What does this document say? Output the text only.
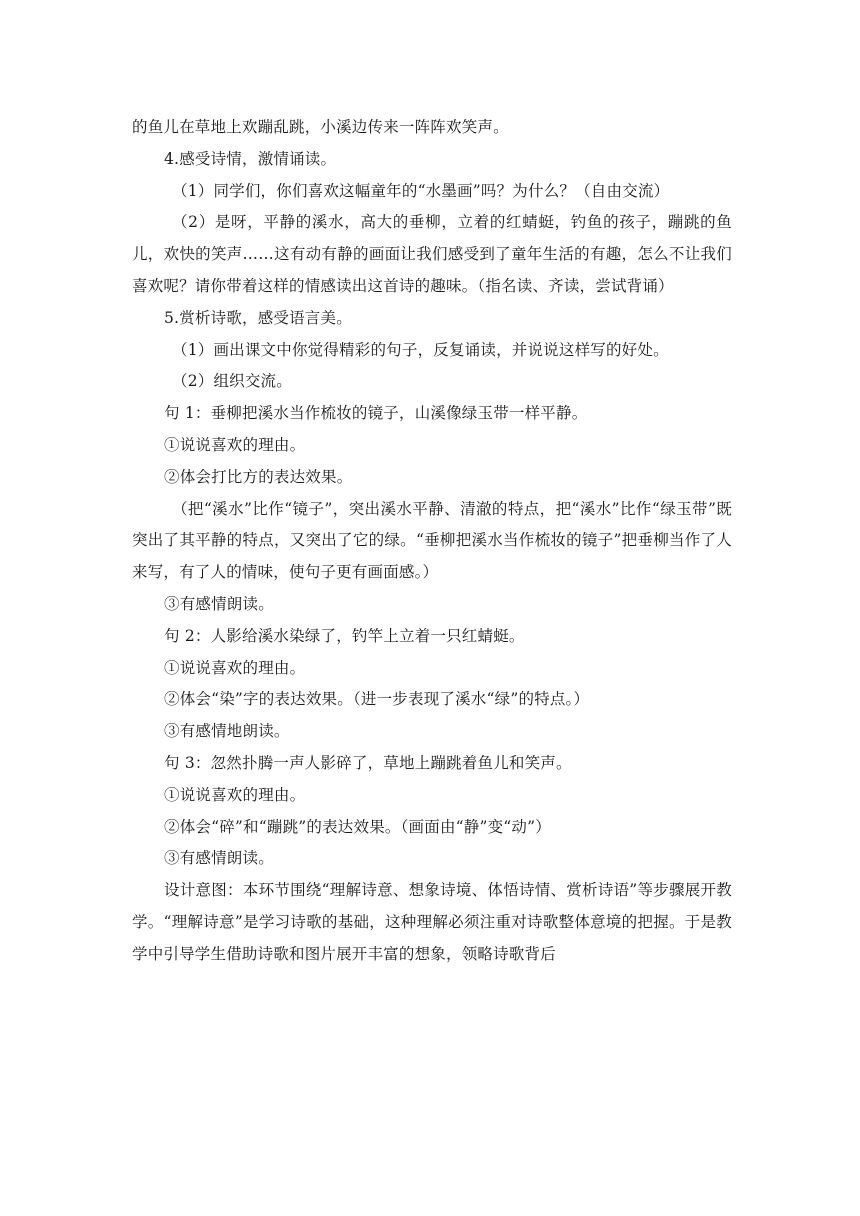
的鱼儿在草地上欢蹦乱跳，小溪边传来一阵阵欢笑声。

4.感受诗情，激情诵读。

（1）同学们，你们喜欢这幅童年的“水墨画”吗？为什么？（自由交流）

（2）是呀，平静的溪水，高大的垂柳，立着的红蜻蜓，钓鱼的孩子，蹦跳的鱼儿，欢快的笑声……这有动有静的画面让我们感受到了童年生活的有趣，怎么不让我们喜欢呢？请你带着这样的情感读出这首诗的趣味。（指名读、齐读，尝试背诵）

5.赏析诗歌，感受语言美。

（1）画出课文中你觉得精彩的句子，反复诵读，并说说这样写的好处。

（2）组织交流。

句 1：垂柳把溪水当作梳妆的镜子，山溪像绿玉带一样平静。

①说说喜欢的理由。

②体会打比方的表达效果。

（把“溪水”比作“镜子”，突出溪水平静、清澈的特点，把“溪水”比作“绿玉带”既突出了其平静的特点，又突出了它的绿。“垂柳把溪水当作梳妆的镜子”把垂柳当作了人来写，有了人的情味，使句子更有画面感。）

③有感情朗读。

句 2：人影给溪水染绿了，钓竿上立着一只红蜻蜓。

①说说喜欢的理由。

②体会“染”字的表达效果。（进一步表现了溪水“绿”的特点。）

③有感情地朗读。

句 3：忽然扑腾一声人影碎了，草地上蹦跳着鱼儿和笑声。

①说说喜欢的理由。

②体会“碎”和“蹦跳”的表达效果。（画面由“静”变“动”）

③有感情朗读。

设计意图：本环节围绕“理解诗意、想象诗境、体悟诗情、赏析诗语”等步骤展开教学。“理解诗意”是学习诗歌的基础，这种理解必须注重对诗歌整体意境的把握。于是教学中引导学生借助诗歌和图片展开丰富的想象，领略诗歌背后
